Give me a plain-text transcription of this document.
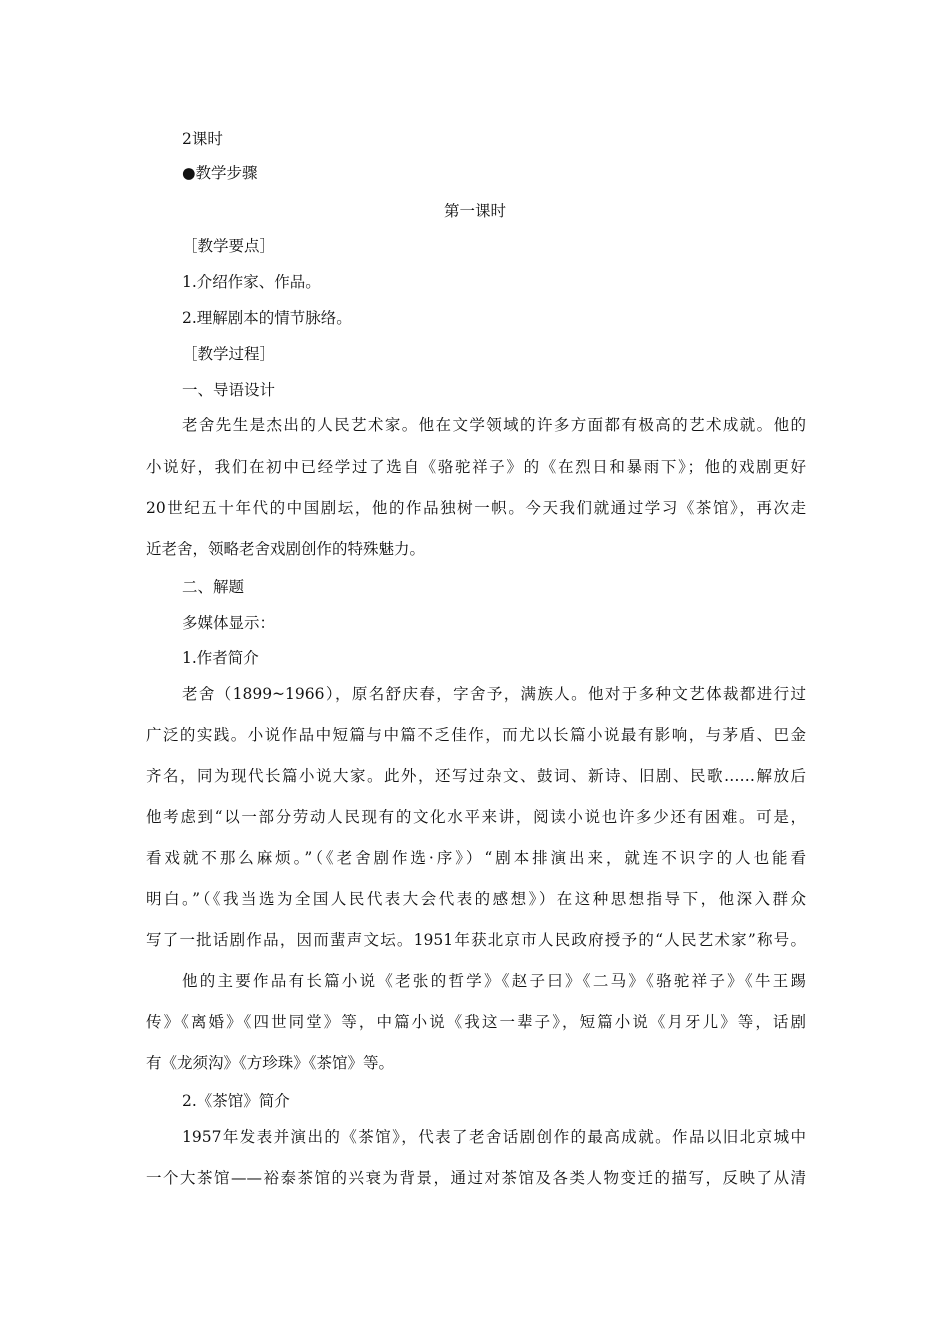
2课时
●教学步骤
第一课时
［教学要点］
1.介绍作家、作品。
2.理解剧本的情节脉络。
［教学过程］
一、导语设计
老舍先生是杰出的人民艺术家。他在文学领域的许多方面都有极高的艺术成就。他的
小说好，我们在初中已经学过了选自《骆驼祥子》的《在烈日和暴雨下》；他的戏剧更好
20世纪五十年代的中国剧坛，他的作品独树一帜。今天我们就通过学习《茶馆》，再次走
近老舍，领略老舍戏剧创作的特殊魅力。
二、解题
多媒体显示：
1.作者简介
老舍（1899~1966），原名舒庆春，字舍予，满族人。他对于多种文艺体裁都进行过
广泛的实践。小说作品中短篇与中篇不乏佳作，而尤以长篇小说最有影响，与茅盾、巴金
齐名，同为现代长篇小说大家。此外，还写过杂文、鼓词、新诗、旧剧、民歌……解放后
他考虑到“以一部分劳动人民现有的文化水平来讲，阅读小说也许多少还有困难。可是，
看戏就不那么麻烦。”（《老舍剧作选·序》）“剧本排演出来，就连不识字的人也能看
明白。”（《我当选为全国人民代表大会代表的感想》）在这种思想指导下，他深入群众
写了一批话剧作品，因而蜚声文坛。1951年获北京市人民政府授予的“人民艺术家”称号。
他的主要作品有长篇小说《老张的哲学》《赵子曰》《二马》《骆驼祥子》《牛王踢
传》《离婚》《四世同堂》等，中篇小说《我这一辈子》，短篇小说《月牙儿》等，话剧
有《龙须沟》《方珍珠》《茶馆》等。
2.《茶馆》简介
1957年发表并演出的《茶馆》，代表了老舍话剧创作的最高成就。作品以旧北京城中
一个大茶馆——裕泰茶馆的兴衰为背景，通过对茶馆及各类人物变迁的描写，反映了从清
